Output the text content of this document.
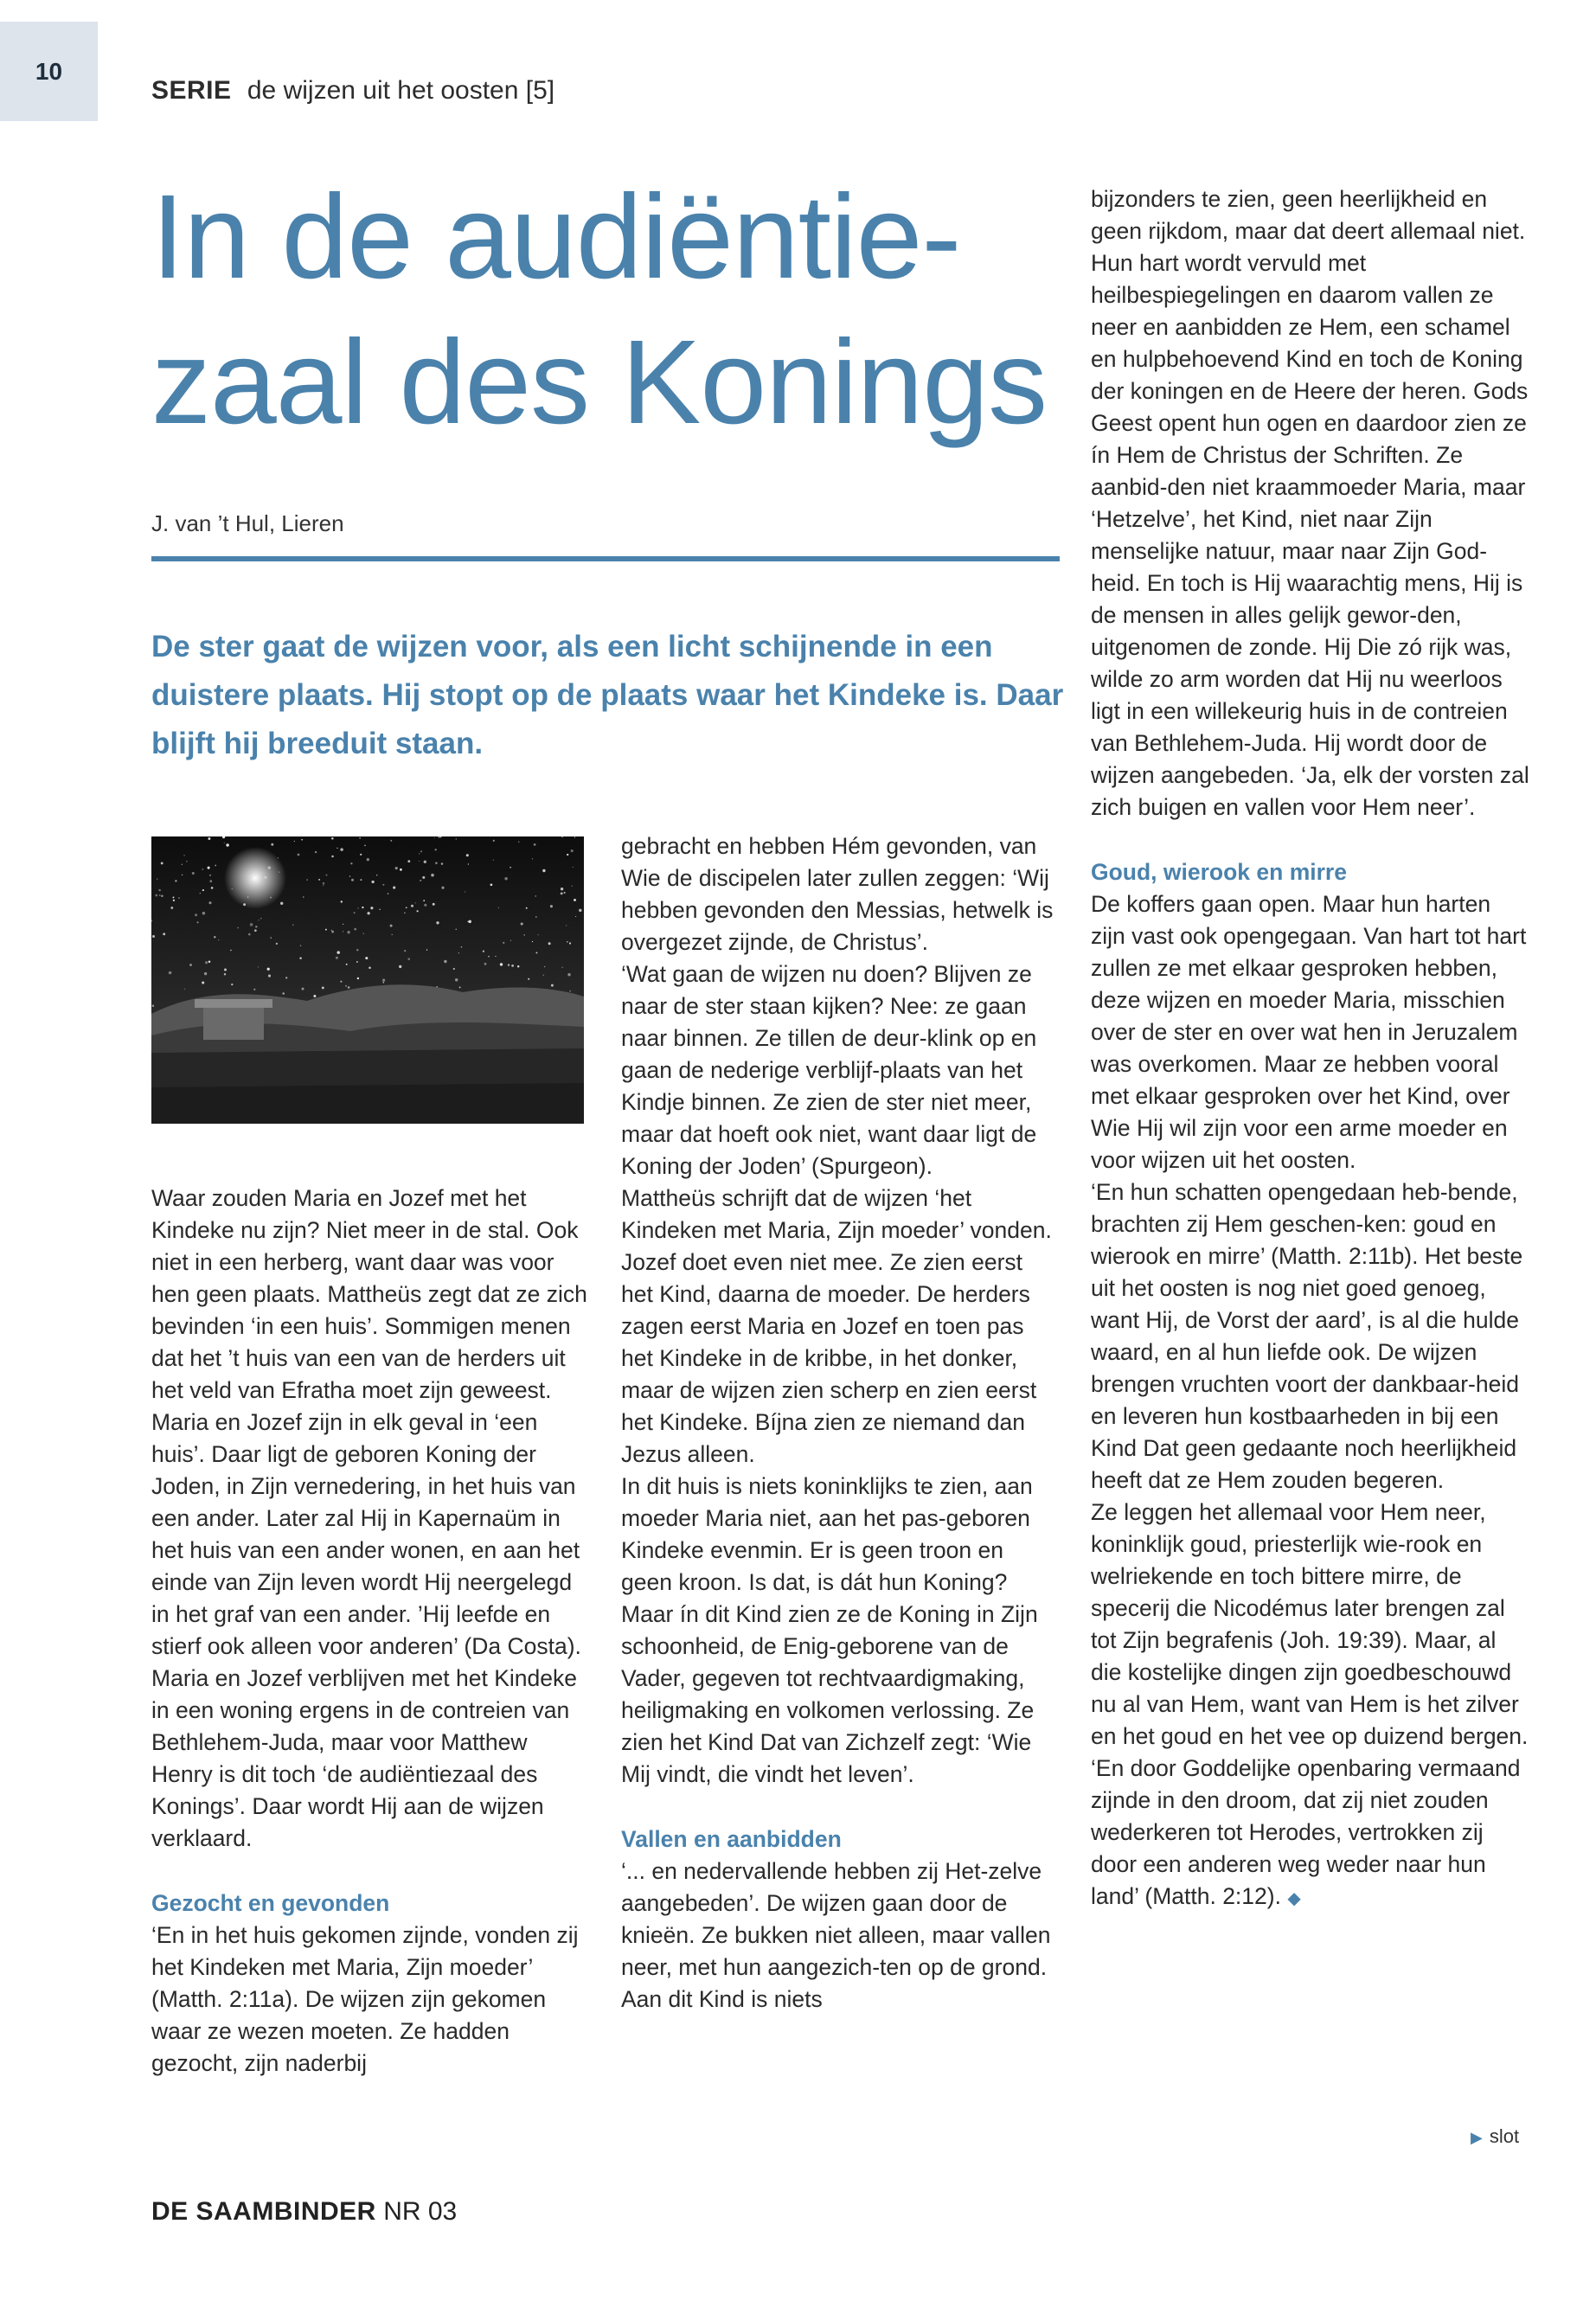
10
SERIE de wijzen uit het oosten [5]
In de audiëntie-
zaal des Konings
J. van ’t Hul, Lieren

De ster gaat de wijzen voor, als een licht schijnende in een duistere plaats. Hij stopt op de plaats waar het Kindeke is. Daar blijft hij breeduit staan.

Waar zouden Maria en Jozef met het Kindeke nu zijn? Niet meer in de stal. Ook niet in een herberg, want daar was voor hen geen plaats. Mattheüs zegt dat ze zich bevinden ‘in een huis’. Sommigen menen dat het ’t huis van een van de herders uit het veld van Efratha moet zijn geweest. Maria en Jozef zijn in elk geval in ‘een huis’. Daar ligt de geboren Koning der Joden, in Zijn vernedering, in het huis van een ander. Later zal Hij in Kapernaüm in het huis van een ander wonen, en aan het einde van Zijn leven wordt Hij neergelegd in het graf van een ander. ’Hij leefde en stierf ook alleen voor anderen’ (Da Costa).

Maria en Jozef verblijven met het Kindeke in een woning ergens in de contreien van Bethlehem-Juda, maar voor Matthew Henry is dit toch ‘de audiëntiezaal des Konings’. Daar wordt Hij aan de wijzen verklaard.

Gezocht en gevonden

‘En in het huis gekomen zijnde, vonden zij het Kindeken met Maria, Zijn moeder’ (Matth. 2:11a). De wijzen zijn gekomen waar ze wezen moeten. Ze hadden gezocht, zijn naderbij

gebracht en hebben Hém gevonden, van Wie de discipelen later zullen zeggen: ‘Wij hebben gevonden den Messias, hetwelk is overgezet zijnde, de Christus’.

‘Wat gaan de wijzen nu doen? Blijven ze naar de ster staan kijken? Nee: ze gaan naar binnen. Ze tillen de deur-klink op en gaan de nederige verblijf-plaats van het Kindje binnen. Ze zien de ster niet meer, maar dat hoeft ook niet, want daar ligt de Koning der Joden’ (Spurgeon).

Mattheüs schrijft dat de wijzen ‘het Kindeken met Maria, Zijn moeder’ vonden. Jozef doet even niet mee. Ze zien eerst het Kind, daarna de moeder. De herders zagen eerst Maria en Jozef en toen pas het Kindeke in de kribbe, in het donker, maar de wijzen zien scherp en zien eerst het Kindeke. Bíjna zien ze niemand dan Jezus alleen.

In dit huis is niets koninklijks te zien, aan moeder Maria niet, aan het pas-geboren Kindeke evenmin. Er is geen troon en geen kroon. Is dat, is dát hun Koning? Maar ín dit Kind zien ze de Koning in Zijn schoonheid, de Enig-geborene van de Vader, gegeven tot rechtvaardigmaking, heiligmaking en volkomen verlossing. Ze zien het Kind Dat van Zichzelf zegt: ‘Wie Mij vindt, die vindt het leven’.

Vallen en aanbidden

‘... en nedervallende hebben zij Het-zelve aangebeden’. De wijzen gaan door de knieën. Ze bukken niet alleen, maar vallen neer, met hun aangezich-ten op de grond. Aan dit Kind is niets

bijzonders te zien, geen heerlijkheid en geen rijkdom, maar dat deert allemaal niet. Hun hart wordt vervuld met heilbespiegelingen en daarom vallen ze neer en aanbidden ze Hem, een schamel en hulpbehoevend Kind en toch de Koning der koningen en de Heere der heren. Gods Geest opent hun ogen en daardoor zien ze ín Hem de Christus der Schriften. Ze aanbid-den niet kraammoeder Maria, maar ‘Hetzelve’, het Kind, niet naar Zijn menselijke natuur, maar naar Zijn God-heid. En toch is Hij waarachtig mens, Hij is de mensen in alles gelijk gewor-den, uitgenomen de zonde. Hij Die zó rijk was, wilde zo arm worden dat Hij nu weerloos ligt in een willekeurig huis in de contreien van Bethlehem-Juda. Hij wordt door de wijzen aangebeden. ‘Ja, elk der vorsten zal zich buigen en vallen voor Hem neer’.

Goud, wierook en mirre

De koffers gaan open. Maar hun harten zijn vast ook opengegaan. Van hart tot hart zullen ze met elkaar gesproken hebben, deze wijzen en moeder Maria, misschien over de ster en over wat hen in Jeruzalem was overkomen. Maar ze hebben vooral met elkaar gesproken over het Kind, over Wie Hij wil zijn voor een arme moeder en voor wijzen uit het oosten.

‘En hun schatten opengedaan heb-bende, brachten zij Hem geschen-ken: goud en wierook en mirre’ (Matth. 2:11b). Het beste uit het oosten is nog niet goed genoeg, want Hij, de Vorst der aard’, is al die hulde waard, en al hun liefde ook. De wijzen brengen vruchten voort der dankbaar-heid en leveren hun kostbaarheden in bij een Kind Dat geen gedaante noch heerlijkheid heeft dat ze Hem zouden begeren.

Ze leggen het allemaal voor Hem neer, koninklijk goud, priesterlijk wie-rook en welriekende en toch bittere mirre, de specerij die Nicodémus later brengen zal tot Zijn begrafenis (Joh. 19:39). Maar, al die kostelijke dingen zijn goedbeschouwd nu al van Hem, want van Hem is het zilver en het goud en het vee op duizend bergen.

‘En door Goddelijke openbaring vermaand zijnde in den droom, dat zij niet zouden wederkeren tot Herodes, vertrokken zij door een anderen weg weder naar hun land’ (Matth. 2:12). ◆

▶ slot
DE SAAMBINDER NR 03
